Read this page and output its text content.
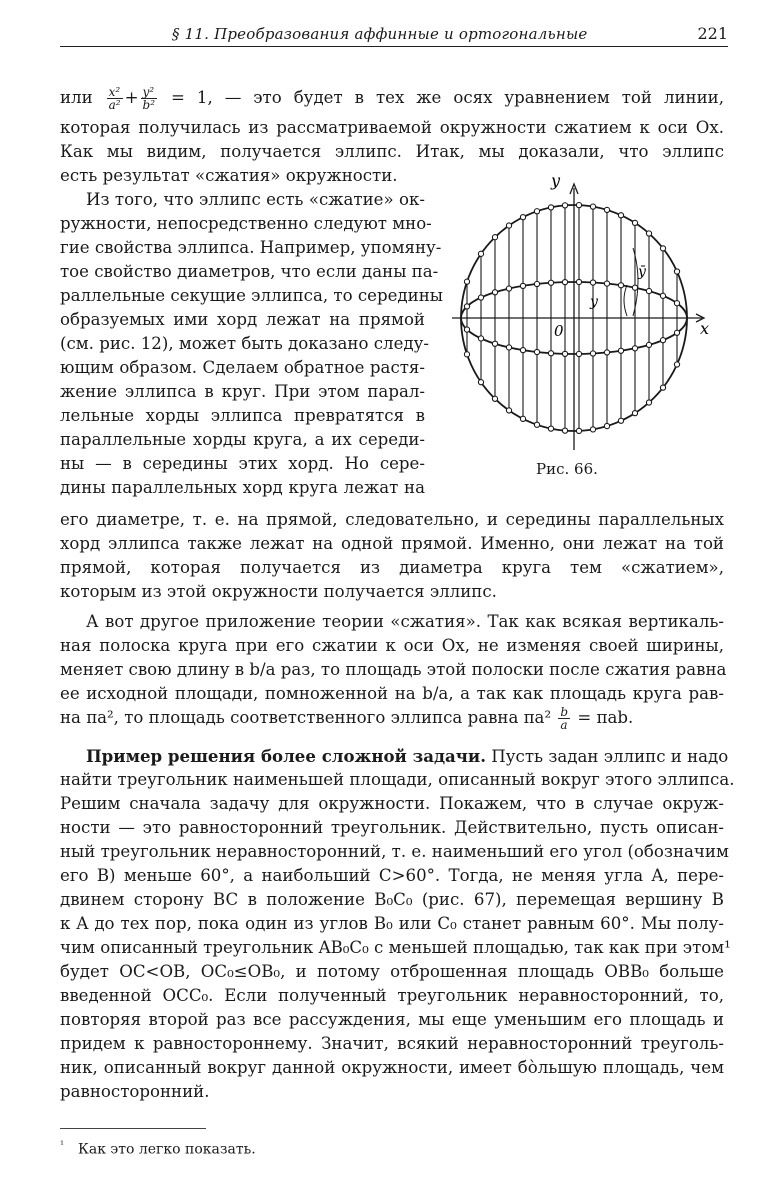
§ 11. Преобразования аффинные и ортогональные	221
или $\frac{\text{x²}}{\text{a²}} + \frac{\text{y²}}{\text{b²}} = 1$, — это будет в тех же осях уравнением той линии,
которая получилась из рассматриваемой окружности сжатием к оси Ox.
Как мы видим, получается эллипс. Итак, мы доказали, что эллипс
есть результат «сжатия» окружности.
Из того, что эллипс есть «сжатие» ок-
ружности, непосредственно следуют мно-
гие свойства эллипса. Например, упомяну-
тое свойство диаметров, что если даны па-
раллельные секущие эллипса, то середины
образуемых ими хорд лежат на прямой
(см. рис. 12), может быть доказано следу-
ющим образом. Сделаем обратное растя-
жение эллипса в круг. При этом парал-
лельные хорды эллипса превратятся в
параллельные хорды круга, а их середи-
ны — в середины этих хорд. Но сере-
дины параллельных хорд круга лежат на
его диаметре, т. е. на прямой, следовательно, и середины параллельных
хорд эллипса также лежат на одной прямой. Именно, они лежат на той
прямой, которая получается из диаметра круга тем «сжатием»,
которым из этой окружности получается эллипс.
y
x
0
y
ȳ
Рис. 66.
А вот другое приложение теории «сжатия». Так как всякая вертикаль-
ная полоска круга при его сжатии к оси Ox, не изменяя своей ширины,
меняет свою длину в b/a раз, то площадь этой полоски после сжатия равна
ее исходной площади, помноженной на b/a, а так как площадь круга рав-
на πa², то площадь соответственного эллипса равна $\pi a^2 \frac{b}{a} = \pi ab$.
Пример решения более сложной задачи. Пусть задан эллипс и надо
найти треугольник наименьшей площади, описанный вокруг этого эллипса.
Решим сначала задачу для окружности. Покажем, что в случае окруж-
ности — это равносторонний треугольник. Действительно, пусть описан-
ный треугольник неравносторонний, т. е. наименьший его угол (обозначим
его B) меньше 60°, а наибольший C>60°. Тогда, не меняя угла A, пере-
двинем сторону BC в положение B₀C₀ (рис. 67), перемещая вершину B
к A до тех пор, пока один из углов B₀ или C₀ станет равным 60°. Мы полу-
чим описанный треугольник AB₀C₀ с меньшей площадью, так как при этом¹
будет OC<OB, OC₀≤OB₀, и потому отброшенная площадь OBB₀ больше
введенной OCC₀. Если полученный треугольник неравносторонний, то,
повторяя второй раз все рассуждения, мы еще уменьшим его площадь и
придем к равностороннему. Значит, всякий неравносторонний треуголь-
ник, описанный вокруг данной окружности, имеет бо̀льшую площадь, чем
равносторонний.
$^{^1}$ Как это легко показать.
